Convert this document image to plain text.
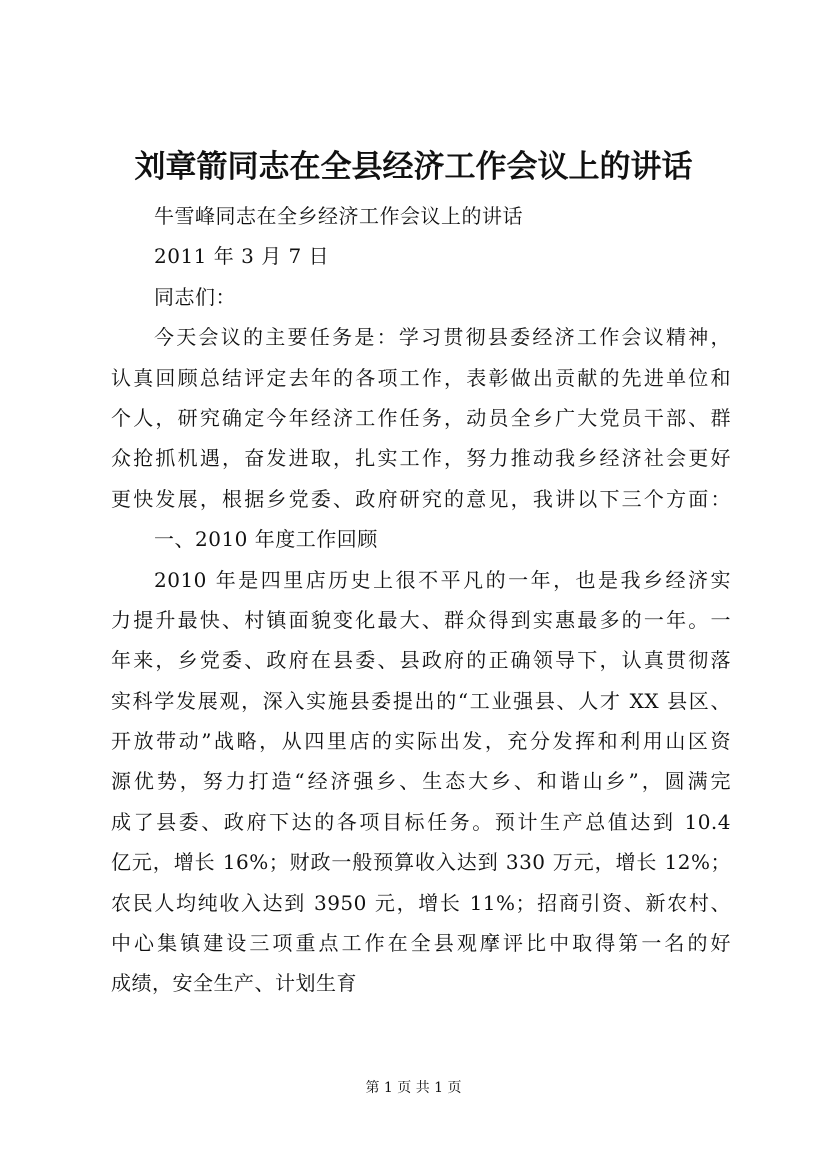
刘章箭同志在全县经济工作会议上的讲话
牛雪峰同志在全乡经济工作会议上的讲话
2011 年 3 月 7 日
同志们：
今天会议的主要任务是：学习贯彻县委经济工作会议精神，
认真回顾总结评定去年的各项工作，表彰做出贡献的先进单位和
个人，研究确定今年经济工作任务，动员全乡广大党员干部、群
众抢抓机遇，奋发进取，扎实工作，努力推动我乡经济社会更好
更快发展，根据乡党委、政府研究的意见，我讲以下三个方面：
一、2010 年度工作回顾
2010 年是四里店历史上很不平凡的一年，也是我乡经济实
力提升最快、村镇面貌变化最大、群众得到实惠最多的一年。一
年来，乡党委、政府在县委、县政府的正确领导下，认真贯彻落
实科学发展观，深入实施县委提出的“工业强县、人才 XX 县区、
开放带动”战略，从四里店的实际出发，充分发挥和利用山区资
源优势，努力打造“经济强乡、生态大乡、和谐山乡”，圆满完
成了县委、政府下达的各项目标任务。预计生产总值达到 10.4
亿元，增长 16%；财政一般预算收入达到 330 万元，增长 12%；
农民人均纯收入达到 3950 元，增长 11%；招商引资、新农村、
中心集镇建设三项重点工作在全县观摩评比中取得第一名的好
成绩，安全生产、计划生育
第 1 页 共 1 页
